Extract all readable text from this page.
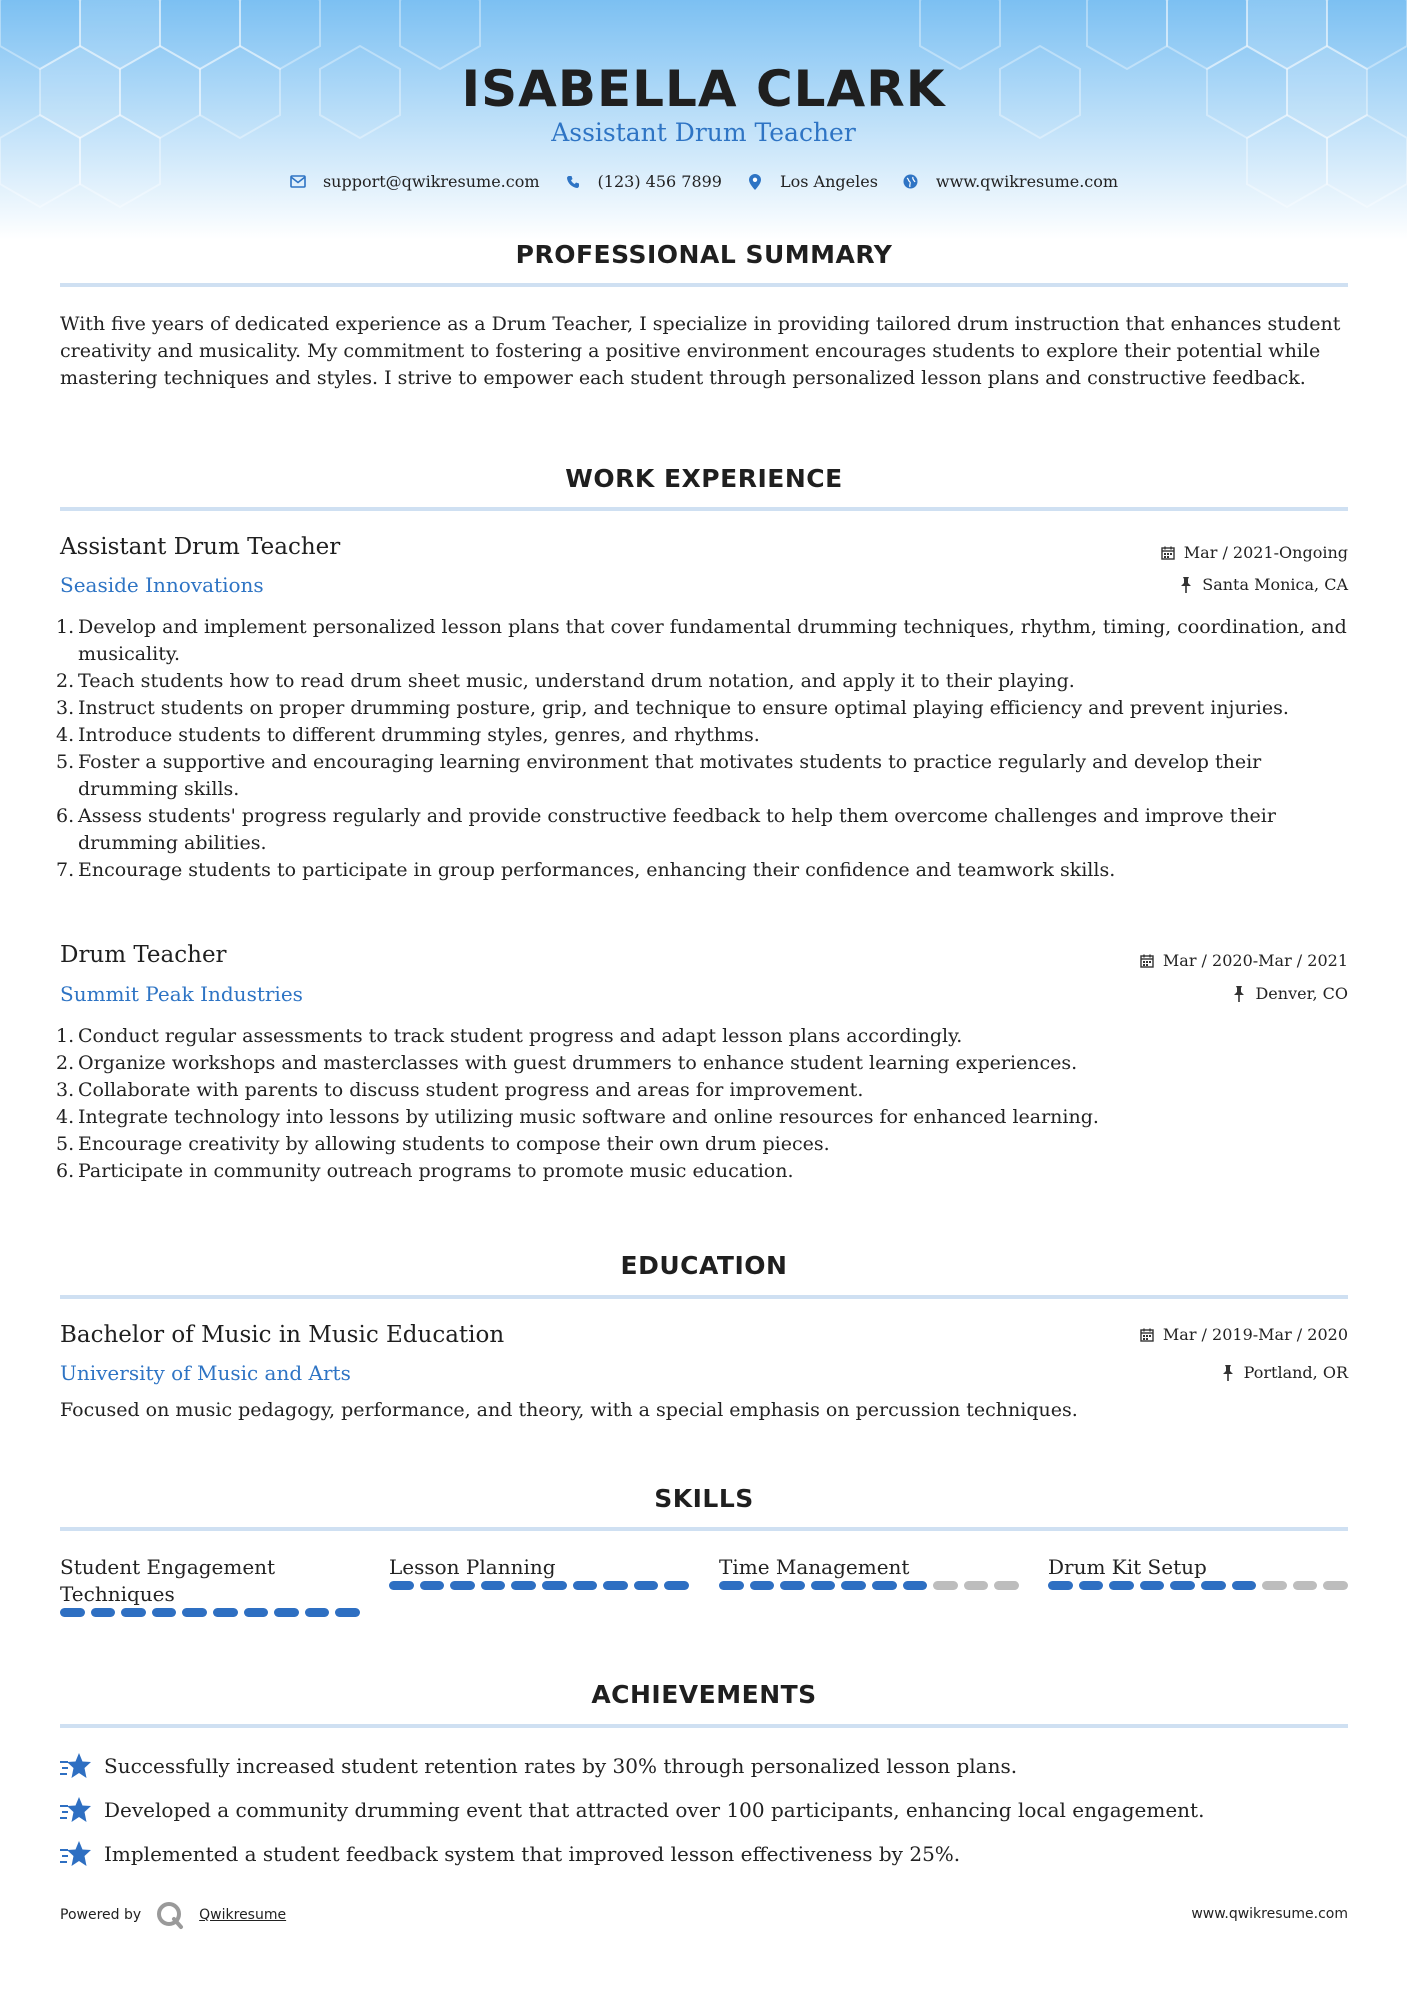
ISABELLA CLARK
Assistant Drum Teacher
support@qwikresume.com	(123) 456 7899	Los Angeles	www.qwikresume.com
PROFESSIONAL SUMMARY
With five years of dedicated experience as a Drum Teacher, I specialize in providing tailored drum instruction that enhances student creativity and musicality. My commitment to fostering a positive environment encourages students to explore their potential while mastering techniques and styles. I strive to empower each student through personalized lesson plans and constructive feedback.
WORK EXPERIENCE
Assistant Drum Teacher
Seaside Innovations
Mar / 2021-Ongoing
Santa Monica, CA
1. Develop and implement personalized lesson plans that cover fundamental drumming techniques, rhythm, timing, coordination, and musicality.
2. Teach students how to read drum sheet music, understand drum notation, and apply it to their playing.
3. Instruct students on proper drumming posture, grip, and technique to ensure optimal playing efficiency and prevent injuries.
4. Introduce students to different drumming styles, genres, and rhythms.
5. Foster a supportive and encouraging learning environment that motivates students to practice regularly and develop their drumming skills.
6. Assess students' progress regularly and provide constructive feedback to help them overcome challenges and improve their drumming abilities.
7. Encourage students to participate in group performances, enhancing their confidence and teamwork skills.
Drum Teacher
Summit Peak Industries
Mar / 2020-Mar / 2021
Denver, CO
1. Conduct regular assessments to track student progress and adapt lesson plans accordingly.
2. Organize workshops and masterclasses with guest drummers to enhance student learning experiences.
3. Collaborate with parents to discuss student progress and areas for improvement.
4. Integrate technology into lessons by utilizing music software and online resources for enhanced learning.
5. Encourage creativity by allowing students to compose their own drum pieces.
6. Participate in community outreach programs to promote music education.
EDUCATION
Bachelor of Music in Music Education
University of Music and Arts
Mar / 2019-Mar / 2020
Portland, OR
Focused on music pedagogy, performance, and theory, with a special emphasis on percussion techniques.
SKILLS
Student Engagement Techniques
Lesson Planning	Time Management	Drum Kit Setup
ACHIEVEMENTS
Successfully increased student retention rates by 30% through personalized lesson plans.
Developed a community drumming event that attracted over 100 participants, enhancing local engagement.
Implemented a student feedback system that improved lesson effectiveness by 25%.
Powered by	Qwikresume	www.qwikresume.com
